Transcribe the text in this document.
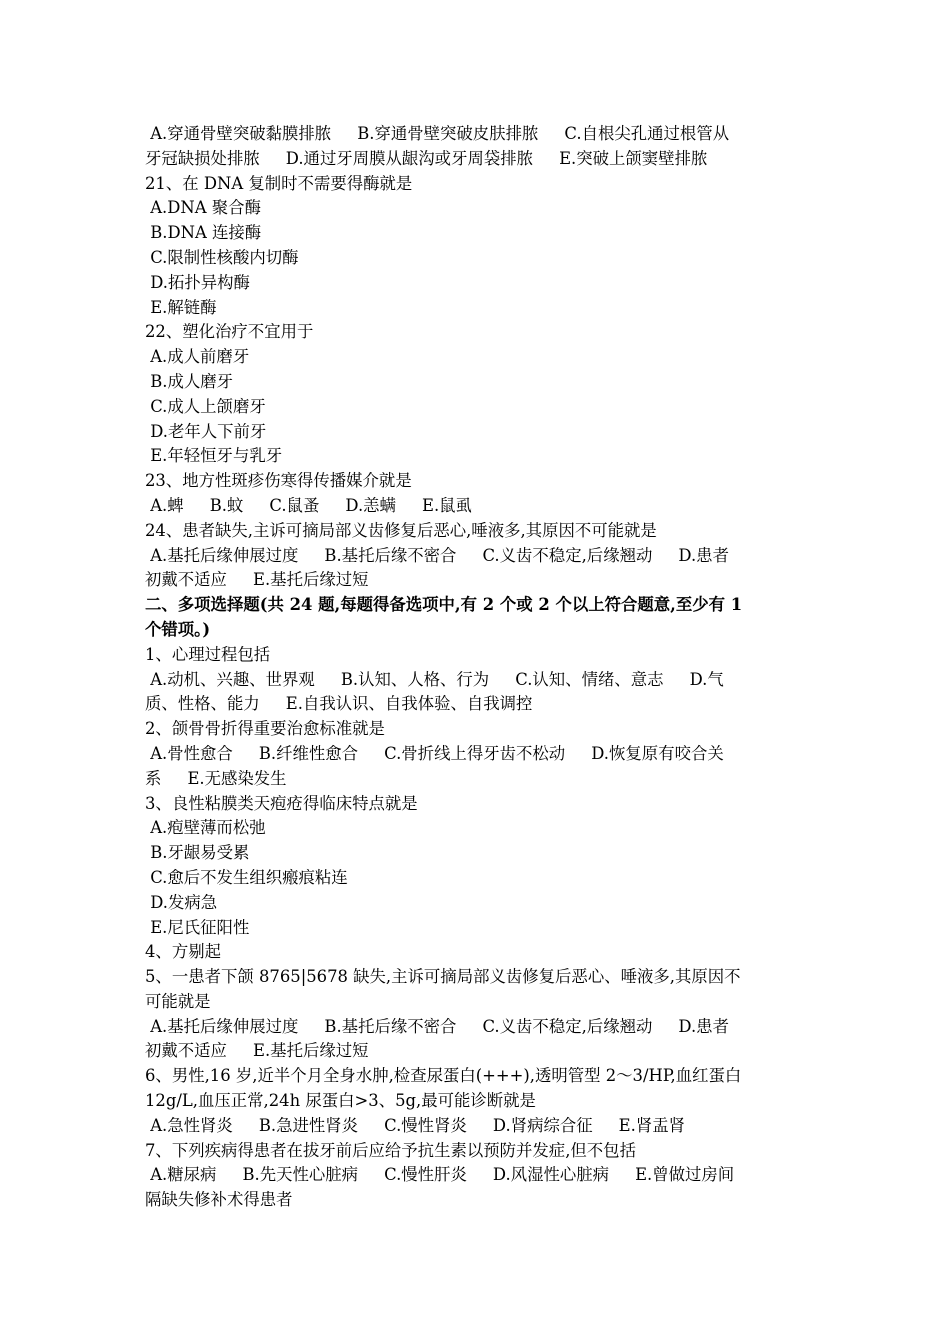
A.穿通骨壁突破黏膜排脓     B.穿通骨壁突破皮肤排脓     C.自根尖孔通过根管从
牙冠缺损处排脓     D.通过牙周膜从龈沟或牙周袋排脓     E.突破上颌窦壁排脓
21、在 DNA 复制时不需要得酶就是
A.DNA 聚合酶
B.DNA 连接酶
C.限制性核酸内切酶
D.拓扑异构酶
E.解链酶
22、塑化治疗不宜用于
A.成人前磨牙
B.成人磨牙
C.成人上颌磨牙
D.老年人下前牙
E.年轻恒牙与乳牙
23、地方性斑疹伤寒得传播媒介就是
A.蜱     B.蚊     C.鼠蚤     D.恙螨     E.鼠虱
24、患者缺失,主诉可摘局部义齿修复后恶心,唾液多,其原因不可能就是
A.基托后缘伸展过度     B.基托后缘不密合     C.义齿不稳定,后缘翘动     D.患者
初戴不适应     E.基托后缘过短
二、多项选择题(共 24 题,每题得备选项中,有 2 个或 2 个以上符合题意,至少有 1
个错项。)
1、心理过程包括
A.动机、兴趣、世界观     B.认知、人格、行为     C.认知、情绪、意志     D.气
质、性格、能力     E.自我认识、自我体验、自我调控
2、颌骨骨折得重要治愈标准就是
A.骨性愈合     B.纤维性愈合     C.骨折线上得牙齿不松动     D.恢复原有咬合关
系     E.无感染发生
3、良性粘膜类天疱疮得临床特点就是
A.疱壁薄而松弛
B.牙龈易受累
C.愈后不发生组织瘢痕粘连
D.发病急
E.尼氏征阳性
4、方剔起
5、一患者下颌 8765|5678 缺失,主诉可摘局部义齿修复后恶心、唾液多,其原因不
可能就是
A.基托后缘伸展过度     B.基托后缘不密合     C.义齿不稳定,后缘翘动     D.患者
初戴不适应     E.基托后缘过短
6、男性,16 岁,近半个月全身水肿,检查尿蛋白(+++),透明管型 2～3/HP,血红蛋白
12g/L,血压正常,24h 尿蛋白>3、5g,最可能诊断就是
A.急性肾炎     B.急进性肾炎     C.慢性肾炎     D.肾病综合征     E.肾盂肾
7、下列疾病得患者在拔牙前后应给予抗生素以预防并发症,但不包括
A.糖尿病     B.先天性心脏病     C.慢性肝炎     D.风湿性心脏病     E.曾做过房间
隔缺失修补术得患者
